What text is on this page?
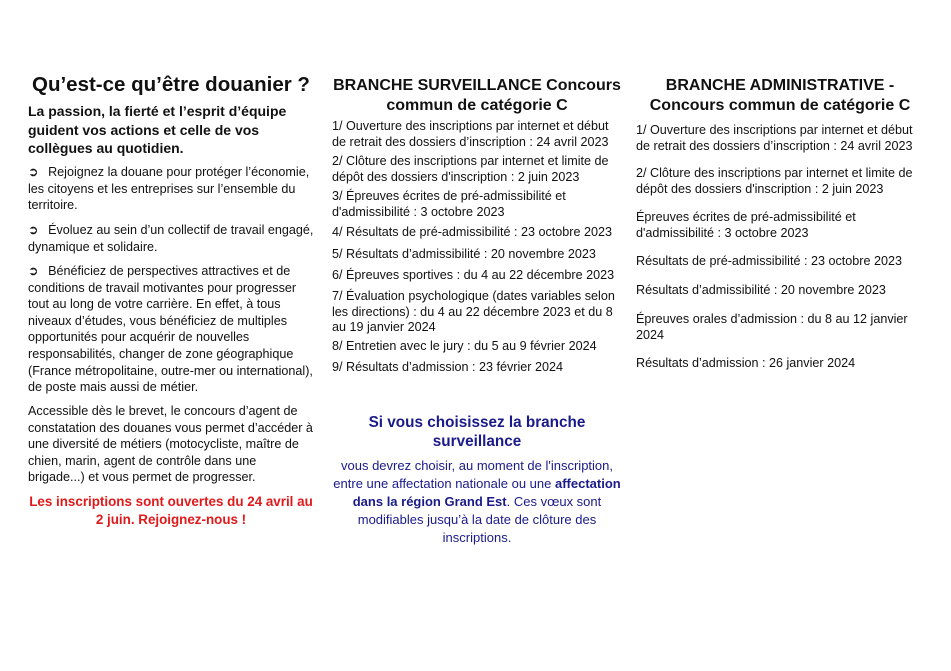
Qu’est-ce qu’être douanier ?

La passion, la fierté et l’esprit d’équipe guident vos actions et celle de vos collègues au quotidien.

➲ Rejoignez la douane pour protéger l’économie, les citoyens et les entreprises sur l’ensemble du territoire.

➲ Évoluez au sein d’un collectif de travail engagé, dynamique et solidaire.

➲ Bénéficiez de perspectives attractives et de conditions de travail motivantes pour progresser tout au long de votre carrière. En effet, à tous niveaux d’études, vous bénéficiez de multiples opportunités pour acquérir de nouvelles responsabilités, changer de zone géographique (France métropolitaine, outre-mer ou international), de poste mais aussi de métier.

Accessible dès le brevet, le concours d’agent de constatation des douanes vous permet d’accéder à une diversité de métiers (motocycliste, maître de chien, marin, agent de contrôle dans une brigade...) et vous permet de progresser.

Les inscriptions sont ouvertes du 24 avril au 2 juin. Rejoignez-nous !

BRANCHE SURVEILLANCE Concours commun de catégorie C

1/ Ouverture des inscriptions par internet et début de retrait des dossiers d’inscription : 24 avril 2023

2/ Clôture des inscriptions par internet et limite de dépôt des dossiers d'inscription : 2 juin 2023

3/ Épreuves écrites de pré-admissibilité et d'admissibilité : 3 octobre 2023

4/ Résultats de pré-admissibilité : 23 octobre 2023

5/ Résultats d’admissibilité : 20 novembre 2023

6/ Épreuves sportives : du 4 au 22 décembre 2023

7/ Évaluation psychologique (dates variables selon les directions) : du 4 au 22 décembre 2023 et du 8 au 19 janvier 2024

8/ Entretien avec le jury : du 5 au 9 février 2024

9/ Résultats d’admission : 23 février 2024

Si vous choisissez la branche surveillance

vous devrez choisir, au moment de l'inscription, entre une affectation nationale ou une affectation dans la région Grand Est. Ces vœux sont modifiables jusqu’à la date de clôture des inscriptions.

BRANCHE ADMINISTRATIVE - Concours commun de catégorie C

1/ Ouverture des inscriptions par internet et début de retrait des dossiers d’inscription : 24 avril 2023

2/ Clôture des inscriptions par internet et limite de dépôt des dossiers d'inscription : 2 juin 2023

Épreuves écrites de pré-admissibilité et d'admissibilité : 3 octobre 2023

Résultats de pré-admissibilité : 23 octobre 2023

Résultats d’admissibilité : 20 novembre 2023

Épreuves orales d’admission : du 8 au 12 janvier 2024

Résultats d’admission : 26 janvier 2024
